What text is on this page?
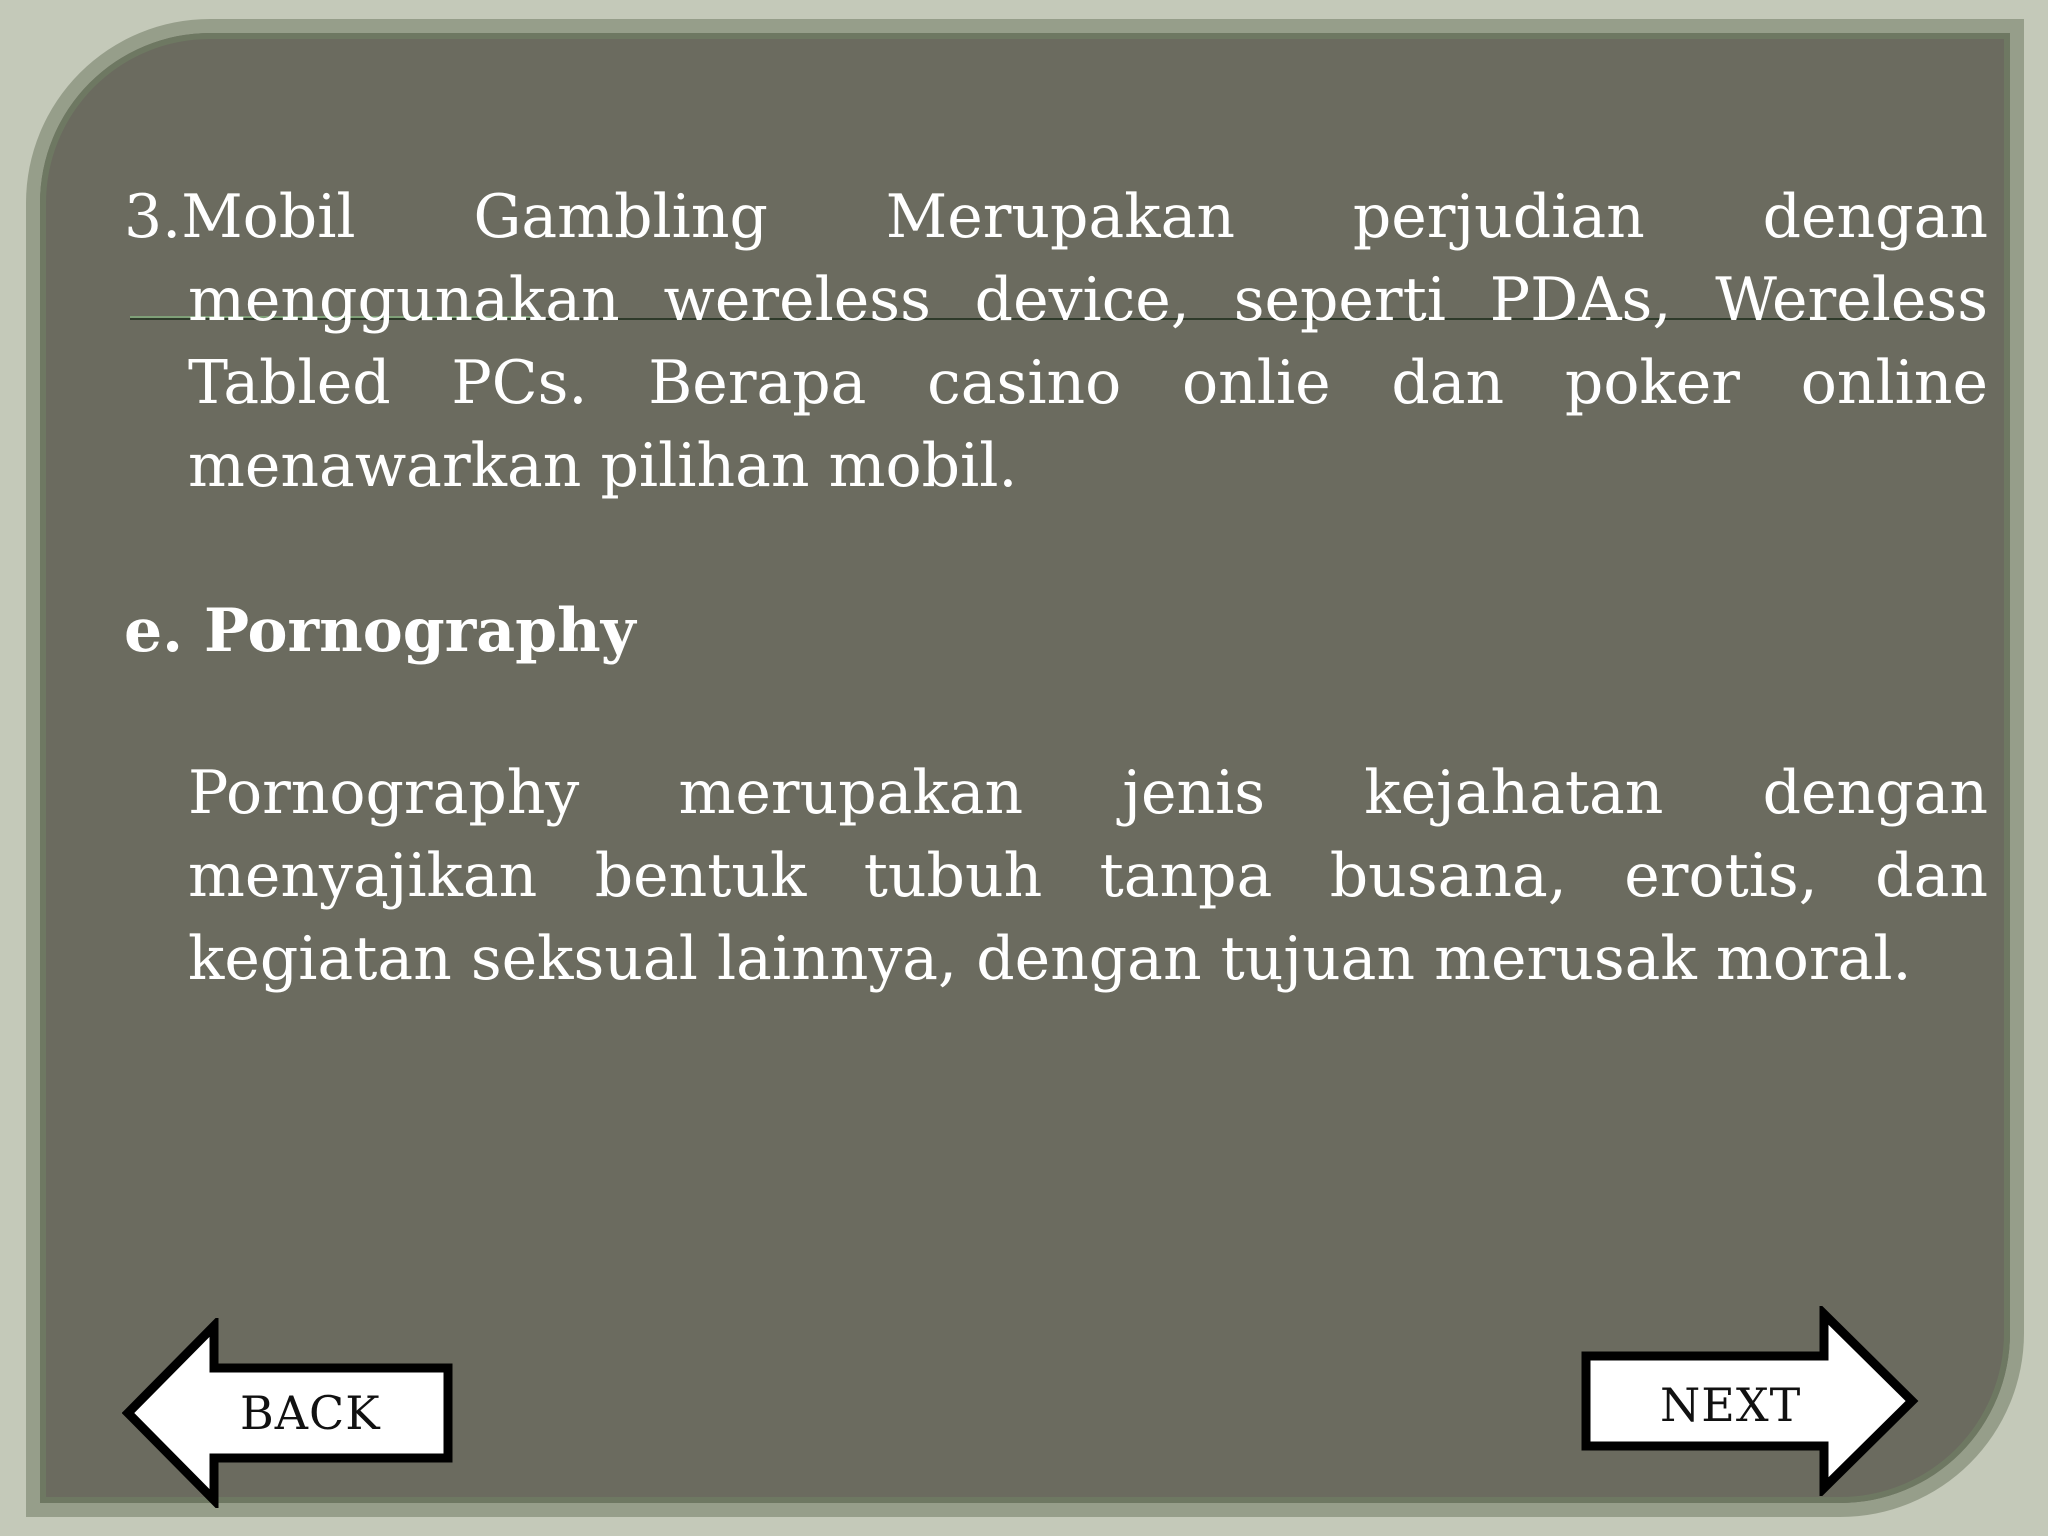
3.Mobil Gambling Merupakan perjudian dengan menggunakan wereless device, seperti PDAs, Wereless Tabled PCs. Berapa casino onlie dan poker online menawarkan pilihan mobil.
e. Pornography
Pornography merupakan jenis kejahatan dengan menyajikan bentuk tubuh tanpa busana, erotis, dan kegiatan seksual lainnya, dengan tujuan merusak moral.
BACK	NEXT
